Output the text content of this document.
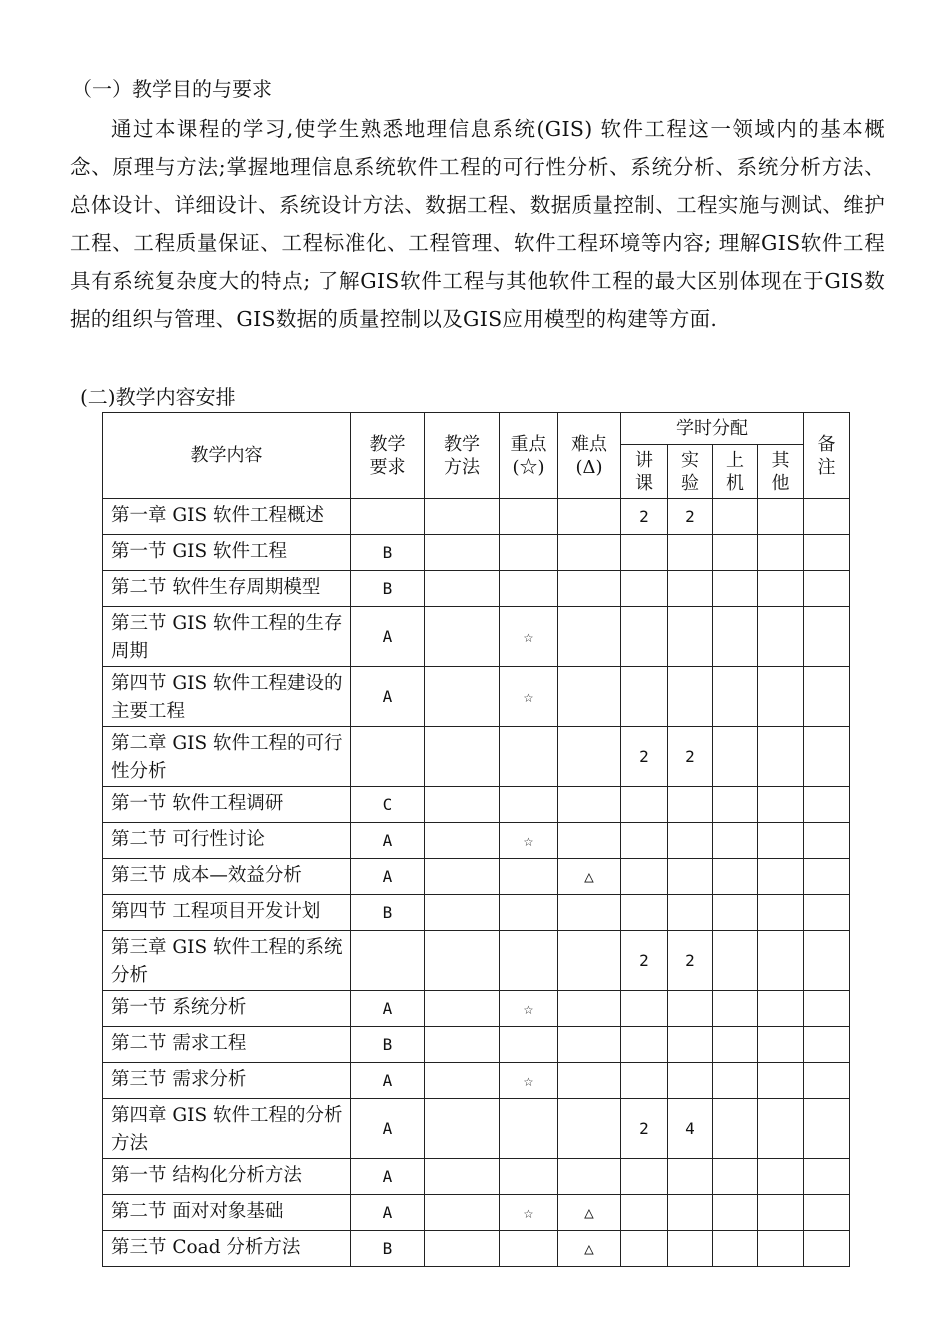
（一）教学目的与要求
通过本课程的学习,使学生熟悉地理信息系统(GIS) 软件工程这一领域内的基本概念、原理与方法;掌握地理信息系统软件工程的可行性分析、系统分析、系统分析方法、总体设计、详细设计、系统设计方法、数据工程、数据质量控制、工程实施与测试、维护工程、工程质量保证、工程标准化、工程管理、软件工程环境等内容; 理解GIS软件工程具有系统复杂度大的特点; 了解GIS软件工程与其他软件工程的最大区别体现在于GIS数据的组织与管理、GIS数据的质量控制以及GIS应用模型的构建等方面.
(二)教学内容安排
教学内容	教学要求	教学方法	重点(☆)	难点(Δ)	学时分配				备注

					讲课	实验	上机	其他	

第一章 GIS 软件工程概述					2	2			
第一节 GIS 软件工程	B								
第二节 软件生存周期模型	B								
第三节 GIS 软件工程的生存周期	A		☆						
第四节 GIS 软件工程建设的主要工程	A		☆						
第二章 GIS 软件工程的可行性分析					2	2			
第一节 软件工程调研	C								
第二节 可行性讨论	A		☆						
第三节 成本—效益分析	A			△					
第四节 工程项目开发计划	B								
第三章 GIS 软件工程的系统分析					2	2			
第一节 系统分析	A		☆						
第二节 需求工程	B								
第三节 需求分析	A		☆						
第四章 GIS 软件工程的分析方法	A				2	4			
第一节 结构化分析方法	A								
第二节 面对对象基础	A		☆	△					
第三节 Coad 分析方法	B			△					
